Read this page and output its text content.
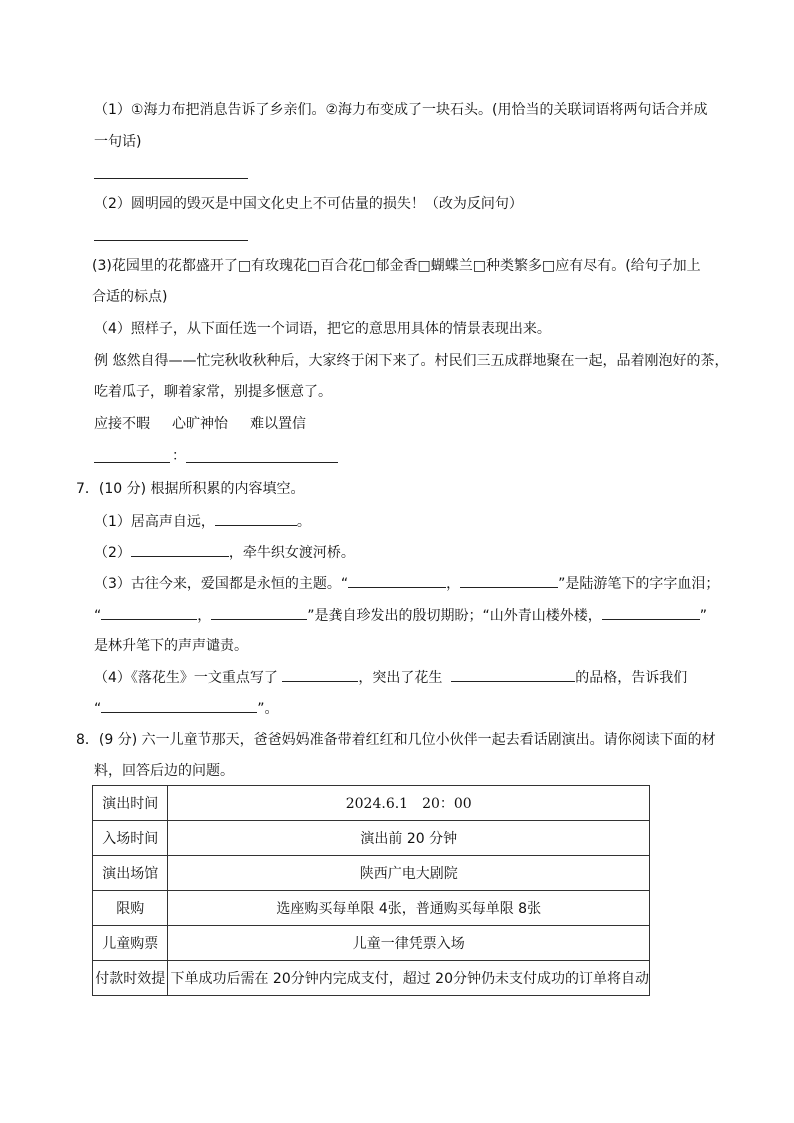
（1）①海力布把消息告诉了乡亲们。②海力布变成了一块石头。(用恰当的关联词语将两句话合并成
一句话)
（2）圆明园的毁灭是中国文化史上不可估量的损失！（改为反问句）
(3)花园里的花都盛开了□有玫瑰花□百合花□郁金香□蝴蝶兰□种类繁多□应有尽有。(给句子加上
合适的标点)
（4）照样子，从下面任选一个词语，把它的意思用具体的情景表现出来。
例 悠然自得——忙完秋收秋种后，大家终于闲下来了。村民们三五成群地聚在一起，品着刚泡好的茶，
吃着瓜子，聊着家常，别提多惬意了。
应接不暇 心旷神怡 难以置信
：
7．(10 分) 根据所积累的内容填空。
（1）居高声自远，	。
（2）	，牵牛织女渡河桥。
（3）古往今来，爱国都是永恒的主题。“	，	”是陆游笔下的字字血泪；
“	，	”是龚自珍发出的殷切期盼；“山外青山楼外楼，	”
是林升笔下的声声谴责。
（4）《落花生》一文重点写了	，突出了花生	的品格，告诉我们
“	”。
8．(9 分) 六一儿童节那天，爸爸妈妈准备带着红红和几位小伙伴一起去看话剧演出。请你阅读下面的材
料，回答后边的问题。
演出时间	2024.6.1　20：00
入场时间	演出前 20 分钟
演出场馆	陕西广电大剧院
限购	选座购买每单限 4张，普通购买每单限 8张
儿童购票	儿童一律凭票入场
付款时效提	下单成功后需在 20分钟内完成支付，超过 20分钟仍未支付成功的订单将自动
